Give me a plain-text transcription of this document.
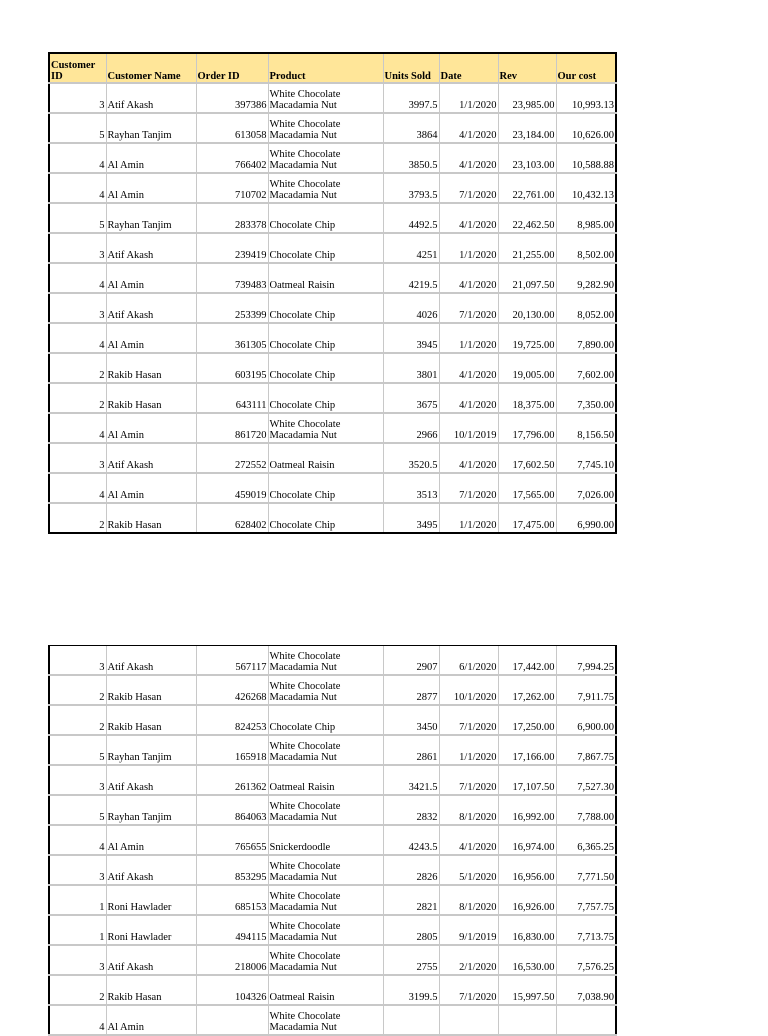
Customer ID	Customer Name	Order ID	Product	Units Sold	Date	Rev	Our cost
3	Atif Akash	397386	White Chocolate Macadamia Nut	3997.5	1/1/2020	23,985.00	10,993.13
5	Rayhan Tanjim	613058	White Chocolate Macadamia Nut	3864	4/1/2020	23,184.00	10,626.00
4	Al Amin	766402	White Chocolate Macadamia Nut	3850.5	4/1/2020	23,103.00	10,588.88
4	Al Amin	710702	White Chocolate Macadamia Nut	3793.5	7/1/2020	22,761.00	10,432.13
5	Rayhan Tanjim	283378	Chocolate Chip	4492.5	4/1/2020	22,462.50	8,985.00
3	Atif Akash	239419	Chocolate Chip	4251	1/1/2020	21,255.00	8,502.00
4	Al Amin	739483	Oatmeal Raisin	4219.5	4/1/2020	21,097.50	9,282.90
3	Atif Akash	253399	Chocolate Chip	4026	7/1/2020	20,130.00	8,052.00
4	Al Amin	361305	Chocolate Chip	3945	1/1/2020	19,725.00	7,890.00
2	Rakib Hasan	603195	Chocolate Chip	3801	4/1/2020	19,005.00	7,602.00
2	Rakib Hasan	643111	Chocolate Chip	3675	4/1/2020	18,375.00	7,350.00
4	Al Amin	861720	White Chocolate Macadamia Nut	2966	10/1/2019	17,796.00	8,156.50
3	Atif Akash	272552	Oatmeal Raisin	3520.5	4/1/2020	17,602.50	7,745.10
4	Al Amin	459019	Chocolate Chip	3513	7/1/2020	17,565.00	7,026.00
2	Rakib Hasan	628402	Chocolate Chip	3495	1/1/2020	17,475.00	6,990.00
3	Atif Akash	567117	White Chocolate Macadamia Nut	2907	6/1/2020	17,442.00	7,994.25
2	Rakib Hasan	426268	White Chocolate Macadamia Nut	2877	10/1/2020	17,262.00	7,911.75
2	Rakib Hasan	824253	Chocolate Chip	3450	7/1/2020	17,250.00	6,900.00
5	Rayhan Tanjim	165918	White Chocolate Macadamia Nut	2861	1/1/2020	17,166.00	7,867.75
3	Atif Akash	261362	Oatmeal Raisin	3421.5	7/1/2020	17,107.50	7,527.30
5	Rayhan Tanjim	864063	White Chocolate Macadamia Nut	2832	8/1/2020	16,992.00	7,788.00
4	Al Amin	765655	Snickerdoodle	4243.5	4/1/2020	16,974.00	6,365.25
3	Atif Akash	853295	White Chocolate Macadamia Nut	2826	5/1/2020	16,956.00	7,771.50
1	Roni Hawlader	685153	White Chocolate Macadamia Nut	2821	8/1/2020	16,926.00	7,757.75
1	Roni Hawlader	494115	White Chocolate Macadamia Nut	2805	9/1/2019	16,830.00	7,713.75
3	Atif Akash	218006	White Chocolate Macadamia Nut	2755	2/1/2020	16,530.00	7,576.25
2	Rakib Hasan	104326	Oatmeal Raisin	3199.5	7/1/2020	15,997.50	7,038.90
4	Al Amin		White Chocolate Macadamia Nut				
